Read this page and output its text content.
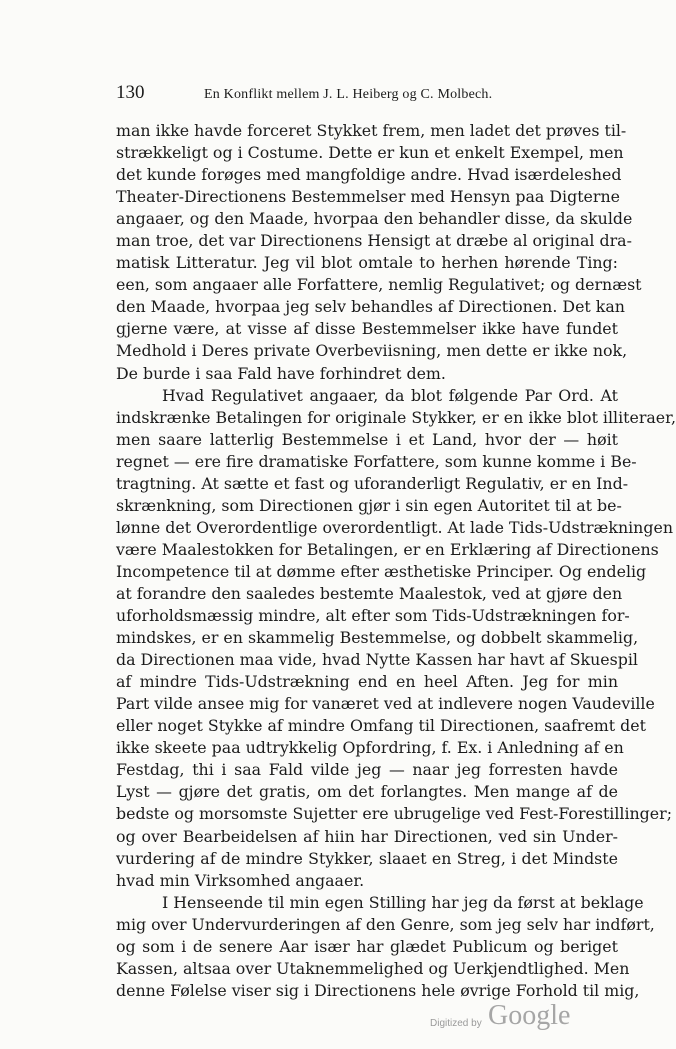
130	En Konflikt mellem J. L. Heiberg og C. Molbech.
man ikke havde forceret Stykket frem, men ladet det prøves til-
strækkeligt og i Costume. Dette er kun et enkelt Exempel, men
det kunde forøges med mangfoldige andre. Hvad isærdeleshed
Theater-Directionens Bestemmelser med Hensyn paa Digterne
angaaer, og den Maade, hvorpaa den behandler disse, da skulde
man troe, det var Directionens Hensigt at dræbe al original dra-
matisk Litteratur. Jeg vil blot omtale to herhen hørende Ting:
een, som angaaer alle Forfattere, nemlig Regulativet; og dernæst
den Maade, hvorpaa jeg selv behandles af Directionen. Det kan
gjerne være, at visse af disse Bestemmelser ikke have fundet
Medhold i Deres private Overbeviisning, men dette er ikke nok,
De burde i saa Fald have forhindret dem.
Hvad Regulativet angaaer, da blot følgende Par Ord. At
indskrænke Betalingen for originale Stykker, er en ikke blot illiteraer,
men saare latterlig Bestemmelse i et Land, hvor der — høit
regnet — ere fire dramatiske Forfattere, som kunne komme i Be-
tragtning. At sætte et fast og uforanderligt Regulativ, er en Ind-
skrænkning, som Directionen gjør i sin egen Autoritet til at be-
lønne det Overordentlige overordentligt. At lade Tids-Udstrækningen
være Maalestokken for Betalingen, er en Erklæring af Directionens
Incompetence til at dømme efter æsthetiske Principer. Og endelig
at forandre den saaledes bestemte Maalestok, ved at gjøre den
uforholdsmæssig mindre, alt efter som Tids-Udstrækningen for-
mindskes, er en skammelig Bestemmelse, og dobbelt skammelig,
da Directionen maa vide, hvad Nytte Kassen har havt af Skuespil
af mindre Tids-Udstrækning end en heel Aften. Jeg for min
Part vilde ansee mig for vanæret ved at indlevere nogen Vaudeville
eller noget Stykke af mindre Omfang til Directionen, saafremt det
ikke skeete paa udtrykkelig Opfordring, f. Ex. i Anledning af en
Festdag, thi i saa Fald vilde jeg — naar jeg forresten havde
Lyst — gjøre det gratis, om det forlangtes. Men mange af de
bedste og morsomste Sujetter ere ubrugelige ved Fest-Forestillinger;
og over Bearbeidelsen af hiin har Directionen, ved sin Under-
vurdering af de mindre Stykker, slaaet en Streg, i det Mindste
hvad min Virksomhed angaaer.
I Henseende til min egen Stilling har jeg da først at beklage
mig over Undervurderingen af den Genre, som jeg selv har indført,
og som i de senere Aar især har glædet Publicum og beriget
Kassen, altsaa over Utaknemmelighed og Uerkjendtlighed. Men
denne Følelse viser sig i Directionens hele øvrige Forhold til mig,
Digitized by Google
